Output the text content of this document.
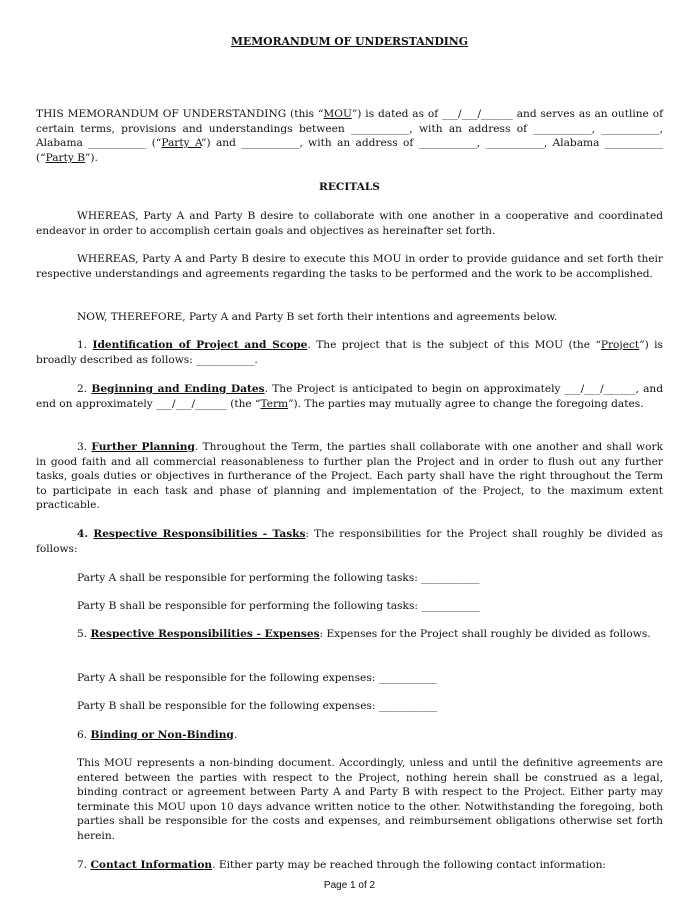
MEMORANDUM OF UNDERSTANDING
THIS MEMORANDUM OF UNDERSTANDING (this “MOU”) is dated as of ___/___/______ and serves as an outline of certain terms, provisions and understandings between ___________, with an address of ___________, ___________, Alabama ___________ (“Party A”) and ___________, with an address of ___________, ___________, Alabama ___________ (“Party B”).
RECITALS
WHEREAS, Party A and Party B desire to collaborate with one another in a cooperative and coordinated endeavor in order to accomplish certain goals and objectives as hereinafter set forth.
WHEREAS, Party A and Party B desire to execute this MOU in order to provide guidance and set forth their respective understandings and agreements regarding the tasks to be performed and the work to be accomplished.
NOW, THEREFORE, Party A and Party B set forth their intentions and agreements below.
1. Identification of Project and Scope. The project that is the subject of this MOU (the “Project”) is broadly described as follows: ___________.
2. Beginning and Ending Dates. The Project is anticipated to begin on approximately ___/___/______, and end on approximately ___/___/______ (the “Term”). The parties may mutually agree to change the foregoing dates.
3. Further Planning. Throughout the Term, the parties shall collaborate with one another and shall work in good faith and all commercial reasonableness to further plan the Project and in order to flush out any further tasks, goals duties or objectives in furtherance of the Project. Each party shall have the right throughout the Term to participate in each task and phase of planning and implementation of the Project, to the maximum extent practicable.
4. Respective Responsibilities - Tasks: The responsibilities for the Project shall roughly be divided as follows:
Party A shall be responsible for performing the following tasks: ___________
Party B shall be responsible for performing the following tasks: ___________
5. Respective Responsibilities - Expenses: Expenses for the Project shall roughly be divided as follows.
Party A shall be responsible for the following expenses: ___________
Party B shall be responsible for the following expenses: ___________
6. Binding or Non-Binding.
This MOU represents a non-binding document. Accordingly, unless and until the definitive agreements are entered between the parties with respect to the Project, nothing herein shall be construed as a legal, binding contract or agreement between Party A and Party B with respect to the Project. Either party may terminate this MOU upon 10 days advance written notice to the other. Notwithstanding the foregoing, both parties shall be responsible for the costs and expenses, and reimbursement obligations otherwise set forth herein.
7. Contact Information. Either party may be reached through the following contact information:
Page 1 of 2
